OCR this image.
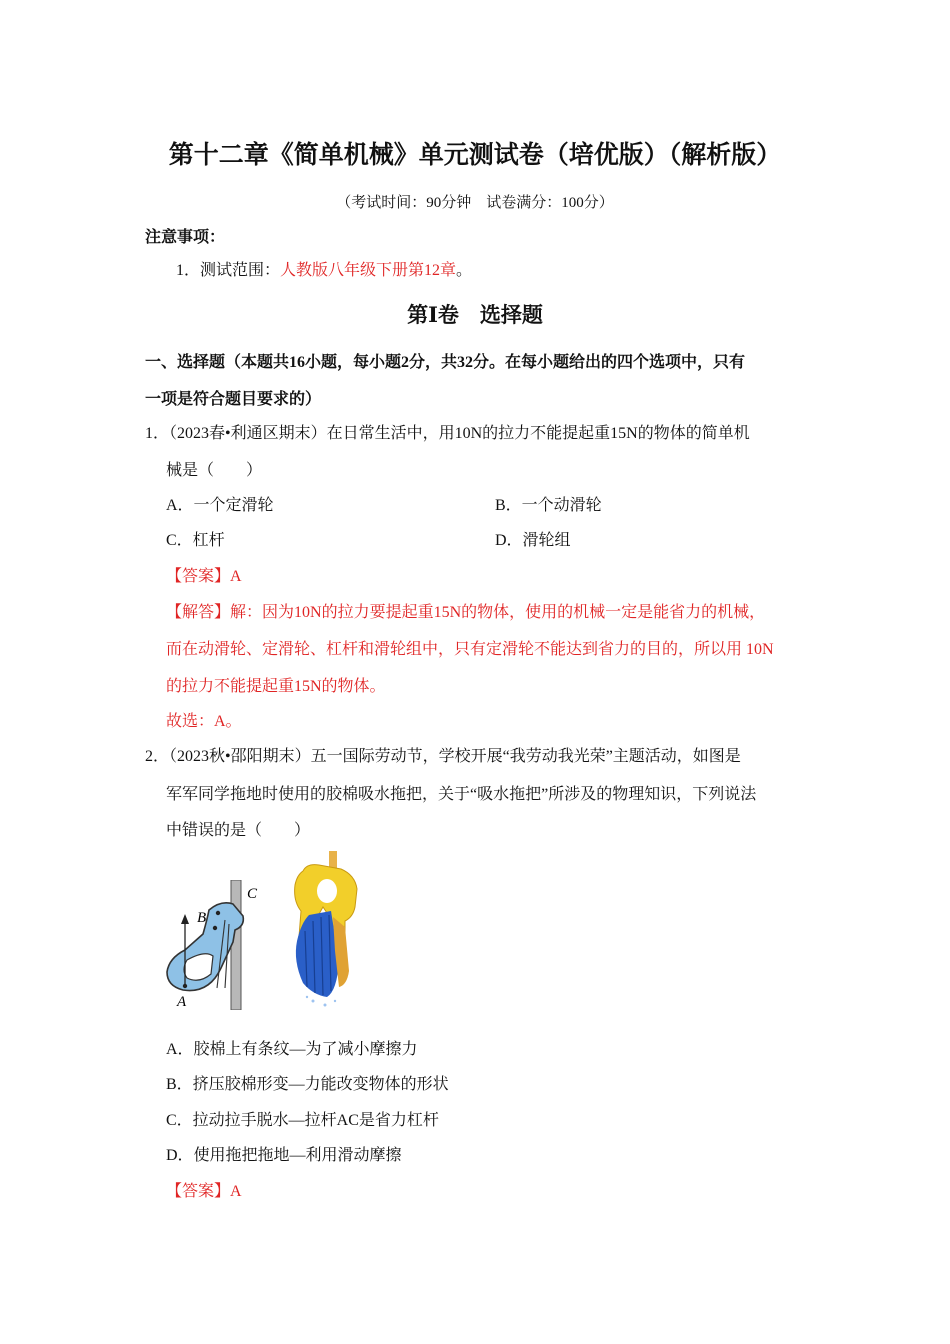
第十二章《简单机械》单元测试卷（培优版）（解析版）
（考试时间：90分钟　试卷满分：100分）
注意事项：
1．测试范围：人教版八年级下册第12章。
第Ⅰ卷　选择题
一、选择题（本题共16小题，每小题2分，共32分。在每小题给出的四个选项中，只有
一项是符合题目要求的）
1．（2023春•利通区期末）在日常生活中，用10N的拉力不能提起重15N的物体的简单机
械是（　　）
A．一个定滑轮	B．一个动滑轮
C．杠杆	D．滑轮组
【答案】A
【解答】解：因为10N的拉力要提起重15N的物体，使用的机械一定是能省力的机械，
而在动滑轮、定滑轮、杠杆和滑轮组中，只有定滑轮不能达到省力的目的，所以用 10N
的拉力不能提起重15N的物体。
故选：A。
2．（2023秋•邵阳期末）五一国际劳动节，学校开展“我劳动我光荣”主题活动，如图是
军军同学拖地时使用的胶棉吸水拖把，关于“吸水拖把”所涉及的物理知识，下列说法
中错误的是（　　）
C
B
A
A．胶棉上有条纹—为了减小摩擦力
B．挤压胶棉形变—力能改变物体的形状
C．拉动拉手脱水—拉杆AC是省力杠杆
D．使用拖把拖地—利用滑动摩擦
【答案】A
